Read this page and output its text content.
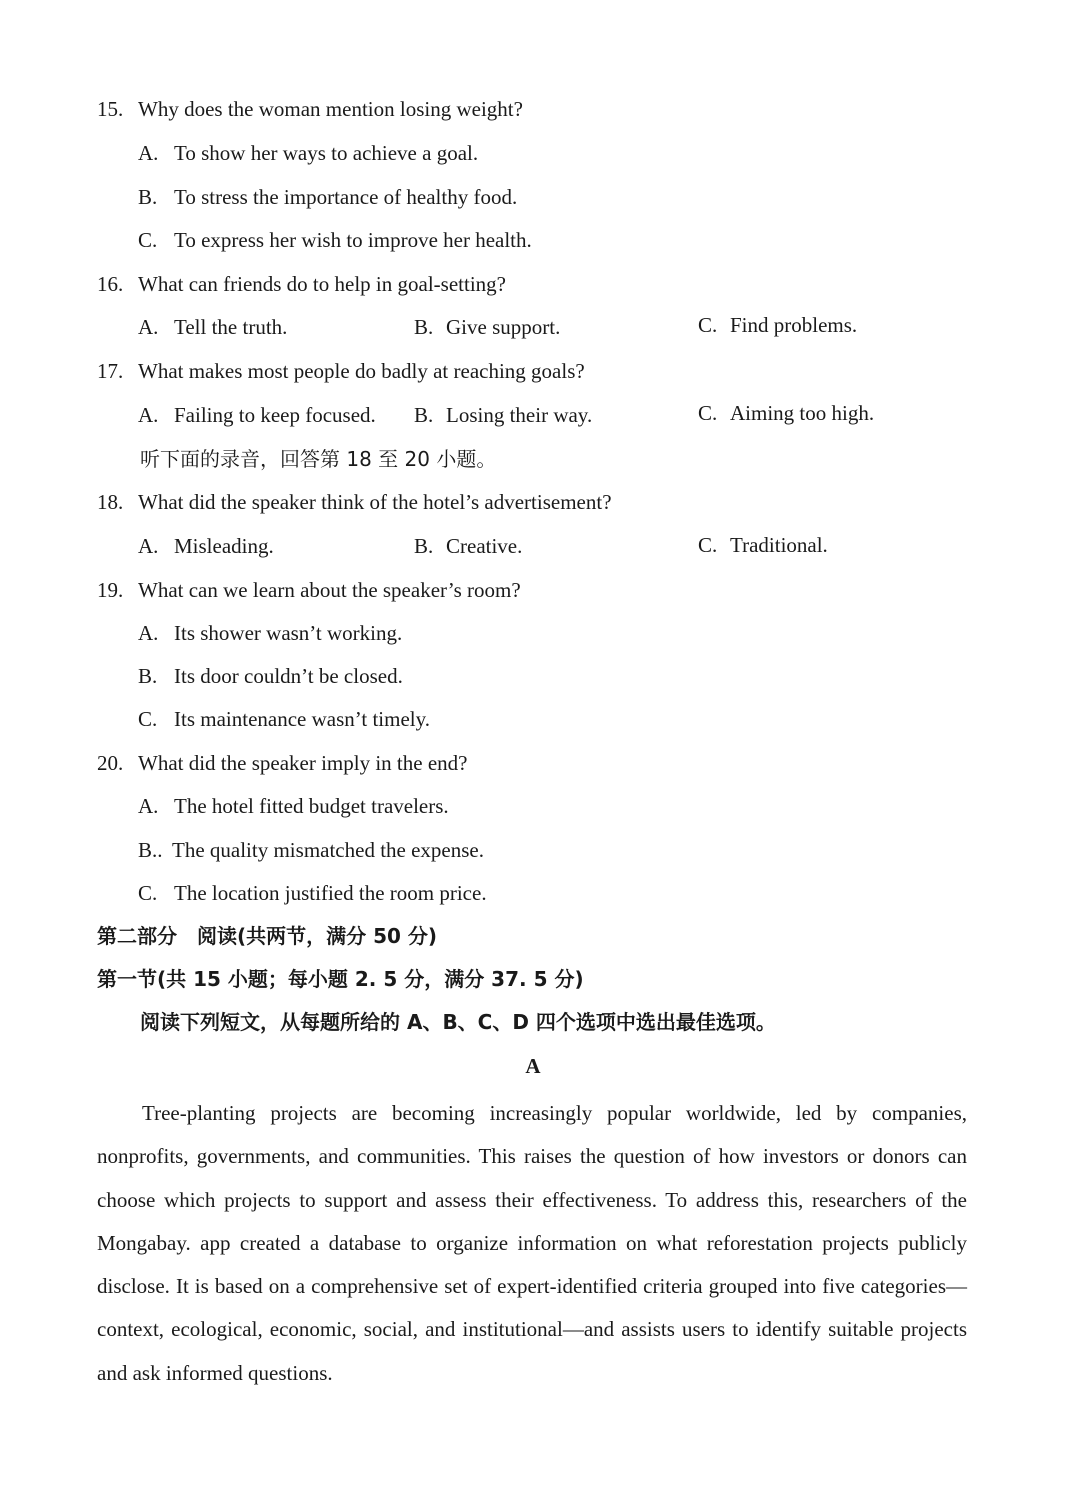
15. Why does the woman mention losing weight?
A. To show her ways to achieve a goal.
B. To stress the importance of healthy food.
C. To express her wish to improve her health.
16. What can friends do to help in goal-setting?
A. Tell the truth.	B. Give support.	C. Find problems.
17. What makes most people do badly at reaching goals?
A. Failing to keep focused. B. Losing their way.	C. Aiming too high.
听下面的录音，回答第 18 至 20 小题。
18. What did the speaker think of the hotel’s advertisement?
A. Misleading.	B. Creative.	C. Traditional.
19. What can we learn about the speaker’s room?
A. Its shower wasn’t working.
B. Its door couldn’t be closed.
C. Its maintenance wasn’t timely.
20. What did the speaker imply in the end?
A. The hotel fitted budget travelers.
B.. The quality mismatched the expense.
C. The location justified the room price.
第二部分　阅读(共两节，满分 50 分)
第一节(共 15 小题；每小题 2. 5 分，满分 37. 5 分)
阅读下列短文，从每题所给的 A、B、C、D 四个选项中选出最佳选项。
A
Tree-planting projects are becoming increasingly popular worldwide, led by companies, nonprofits, governments, and communities. This raises the question of how investors or donors can choose which projects to support and assess their effectiveness. To address this, researchers of the Mongabay. app created a database to organize information on what reforestation projects publicly disclose. It is based on a comprehensive set of expert-identified criteria grouped into five categories—context, ecological, economic, social, and institutional—and assists users to identify suitable projects and ask informed questions.
